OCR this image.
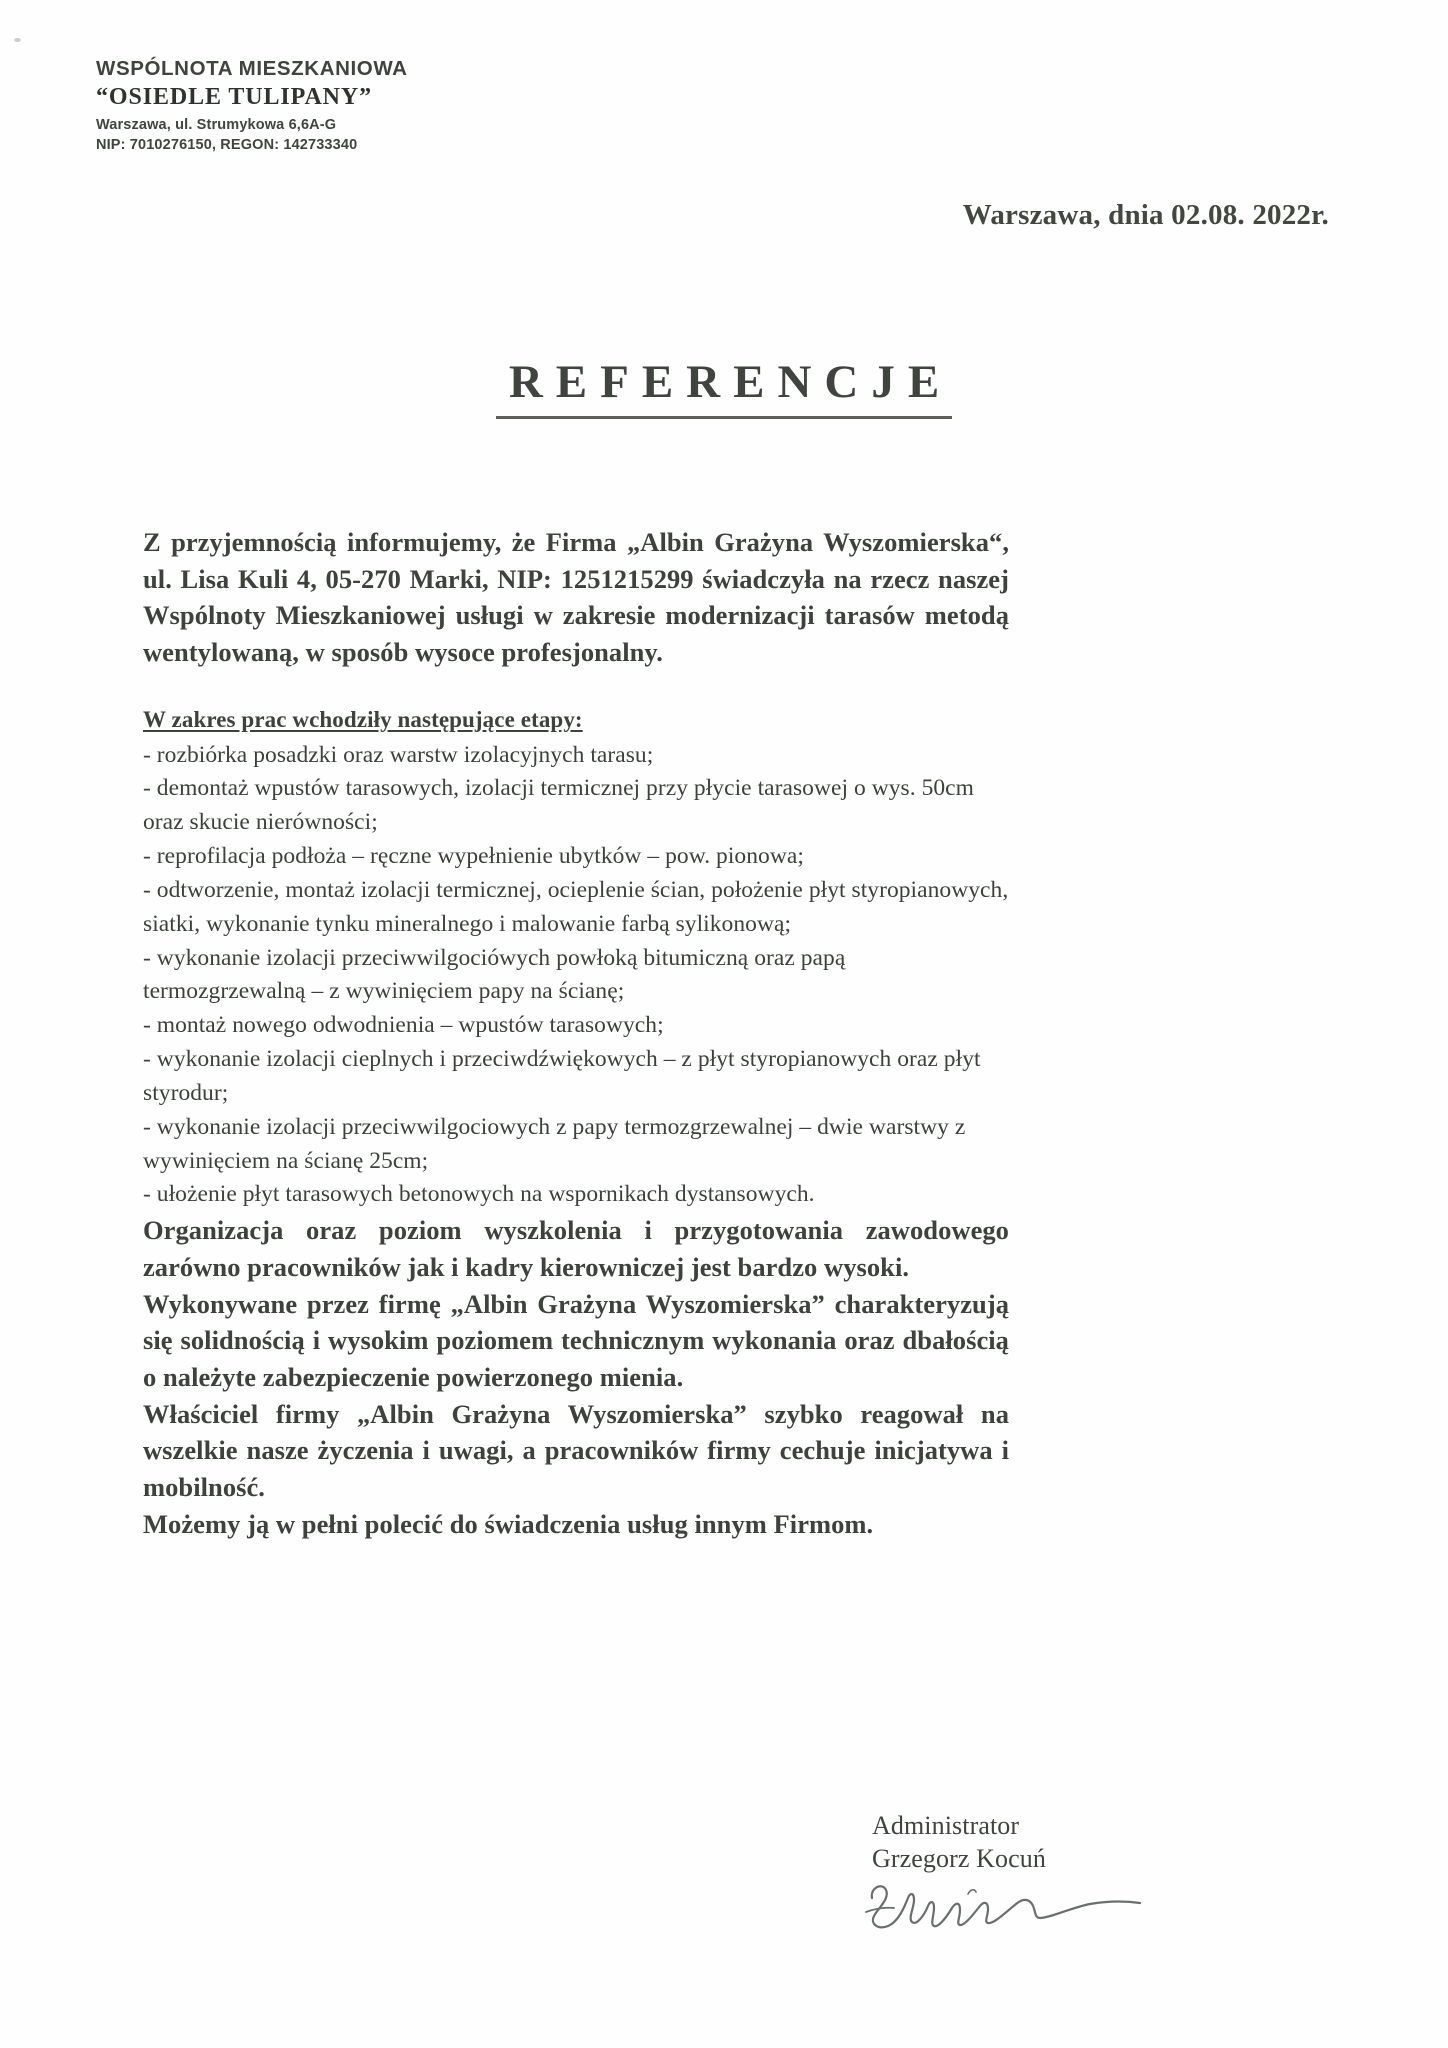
WSPÓLNOTA MIESZKANIOWA
“OSIEDLE TULIPANY”
Warszawa, ul. Strumykowa 6,6A-G
NIP: 7010276150, REGON: 142733340
Warszawa, dnia 02.08. 2022r.
REFERENCJE

Z przyjemnością informujemy, że Firma „Albin Grażyna Wyszomierska“, ul. Lisa Kuli 4, 05-270 Marki, NIP: 1251215299 świadczyła na rzecz naszej Wspólnoty Mieszkaniowej usługi w zakresie modernizacji tarasów metodą wentylowaną, w sposób wysoce profesjonalny.

W zakres prac wchodziły następujące etapy:
- rozbiórka posadzki oraz warstw izolacyjnych tarasu;
- demontaż wpustów tarasowych, izolacji termicznej przy płycie tarasowej o wys. 50cm oraz skucie nierówności;
- reprofilacja podłoża – ręczne wypełnienie ubytków – pow. pionowa;
- odtworzenie, montaż izolacji termicznej, ocieplenie ścian, położenie płyt styropianowych, siatki, wykonanie tynku mineralnego i malowanie farbą sylikonową;
- wykonanie izolacji przeciwwilgociówych powłoką bitumiczną oraz papą termozgrzewalną – z wywinięciem papy na ścianę;
- montaż nowego odwodnienia – wpustów tarasowych;
- wykonanie izolacji cieplnych i przeciwdźwiękowych – z płyt styropianowych oraz płyt styrodur;
- wykonanie izolacji przeciwwilgociowych z papy termozgrzewalnej – dwie warstwy z wywinięciem na ścianę 25cm;
- ułożenie płyt tarasowych betonowych na wspornikach dystansowych.

Organizacja oraz poziom wyszkolenia i przygotowania zawodowego zarówno pracowników jak i kadry kierowniczej jest bardzo wysoki.

Wykonywane przez firmę „Albin Grażyna Wyszomierska” charakteryzują się solidnością i wysokim poziomem technicznym wykonania oraz dbałością o należyte zabezpieczenie powierzonego mienia.

Właściciel firmy „Albin Grażyna Wyszomierska” szybko reagował na wszelkie nasze życzenia i uwagi, a pracowników firmy cechuje inicjatywa i mobilność.

Możemy ją w pełni polecić do świadczenia usług innym Firmom.

Administrator
Grzegorz Kocuń
